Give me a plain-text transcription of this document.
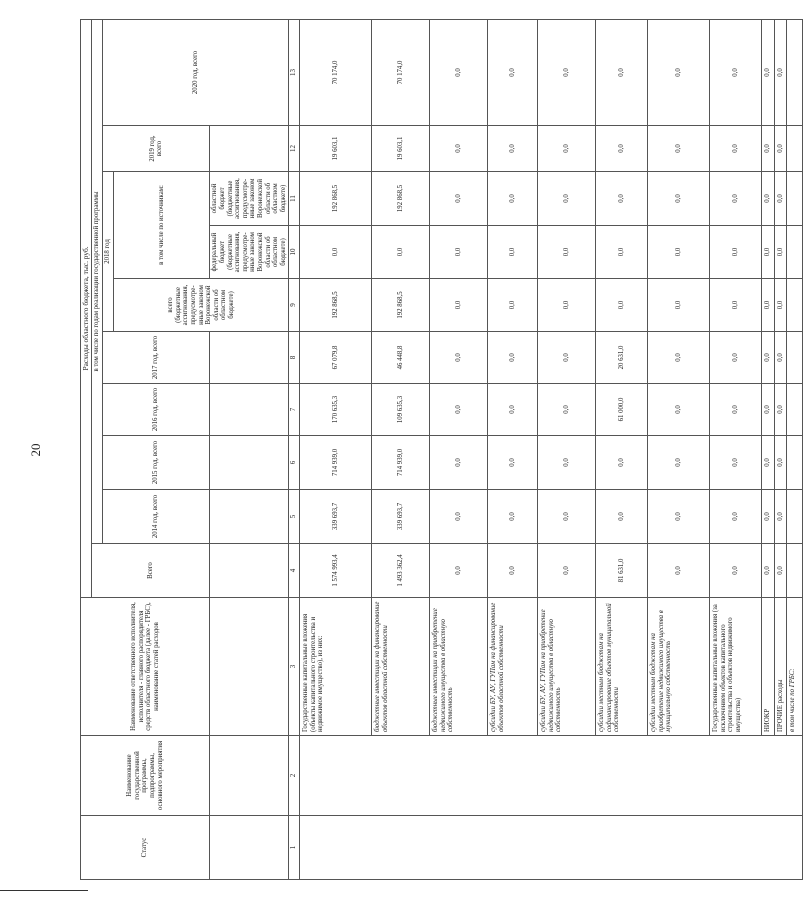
20
Статус	Наименование государственной программы, подпрограммы, основного мероприятия	Наименование ответственного исполнителя, исполнителя - главного распорядителя средств областного бюджета (далее - ГРБС), наименование статей расходов	Расходы областного бюджета, тыс. руб.										
			Всего	в том числе по годам реализации государственной программы									
				2014 год, всего	2015 год, всего	2016 год, всего	2017 год, всего	2018 год			2019 год, всего	2020 год, всего	
								всего (бюджетные ассигнования, предусмотре-нные законом Воронежской области об областном бюджете)	в том числе по источникам:				
									федеральный бюджет (бюджетные ассигнования, предусмотре-нные законом Воронежской области об областном бюджете)	областной бюджет (бюджетные ассигнования, предусмотре-нные законом Воронежской области об областном бюджете)			
1	2	3	4	5	6	7	8	9	10	11	12	13	
		Государственные капитальные вложения (объекты капитального строительства и недвижимое имущество), из них:	1 574 993,4	339 693,7	714 939,0	170 635,3	67 079,8	192 868,5	0,0	192 868,5	19 603,1	70 174,0	
		бюджетные инвестиции на финансирование объектов областной собственности	1 493 362,4	339 693,7	714 939,0	109 635,3	46 448,8	192 868,5	0,0	192 868,5	19 603,1	70 174,0	
		бюджетные инвестиции на приобретение недвижимого имущества в областную собственность	0,0	0,0	0,0	0,0	0,0	0,0	0,0	0,0	0,0	0,0	
		субсидии БУ, АУ, ГУПам на финансирование объектов областной собственности	0,0	0,0	0,0	0,0	0,0	0,0	0,0	0,0	0,0	0,0	
		субсидии БУ, АУ, ГУПам на приобретение недвижимого имущества в областную собственность	0,0	0,0	0,0	0,0	0,0	0,0	0,0	0,0	0,0	0,0	
		субсидии местным бюджетам на софинансирование объектов муниципальной собственности	81 631,0	0,0	0,0	61 000,0	20 631,0	0,0	0,0	0,0	0,0	0,0	
		субсидии местным бюджетам на приобретение недвижимого имущества в муниципальную собственность	0,0	0,0	0,0	0,0	0,0	0,0	0,0	0,0	0,0	0,0	
		Государственные капитальные вложения (за исключением объектов капитального строительства и объектов недвижимого имущества)	0,0	0,0	0,0	0,0	0,0	0,0	0,0	0,0	0,0	0,0	
		НИОКР	0,0	0,0	0,0	0,0	0,0	0,0	0,0	0,0	0,0	0,0	
		ПРОЧИЕ расходы	0,0	0,0	0,0	0,0	0,0	0,0	0,0	0,0	0,0	0,0	
		в том числе по ГРБС:											
